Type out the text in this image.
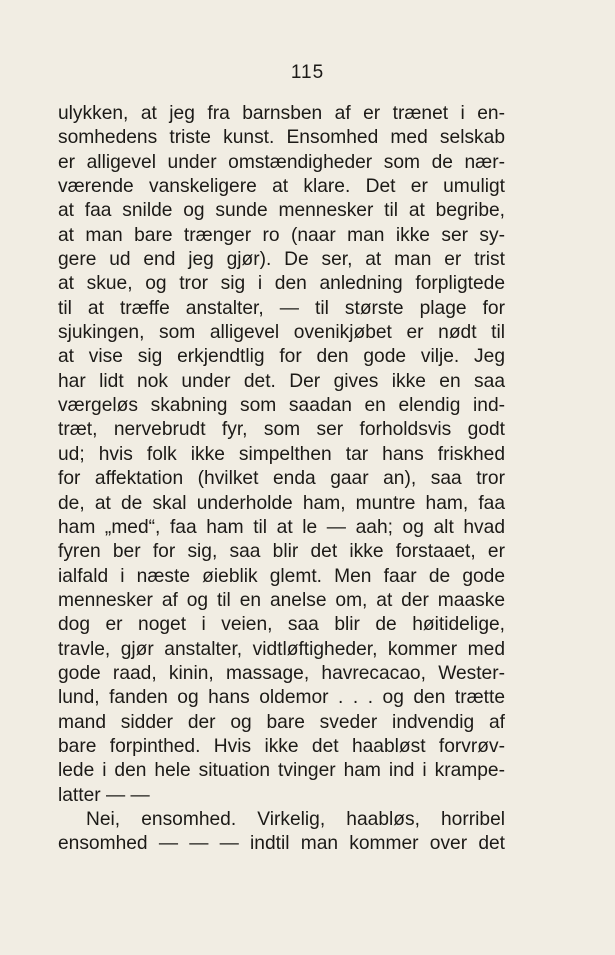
115
ulykken, at jeg fra barnsben af er trænet i en-
somhedens triste kunst. Ensomhed med selskab
er alligevel under omstændigheder som de nær-
værende vanskeligere at klare. Det er umuligt
at faa snilde og sunde mennesker til at begribe,
at man bare trænger ro (naar man ikke ser sy-
gere ud end jeg gjør). De ser, at man er trist
at skue, og tror sig i den anledning forpligtede
til at træffe anstalter, — til største plage for
sjukingen, som alligevel ovenikjøbet er nødt til
at vise sig erkjendtlig for den gode vilje. Jeg
har lidt nok under det. Der gives ikke en saa
værgeløs skabning som saadan en elendig ind-
træt, nervebrudt fyr, som ser forholdsvis godt
ud; hvis folk ikke simpelthen tar hans friskhed
for affektation (hvilket enda gaar an), saa tror
de, at de skal underholde ham, muntre ham, faa
ham „med“, faa ham til at le — aah; og alt hvad
fyren ber for sig, saa blir det ikke forstaaet, er
ialfald i næste øieblik glemt. Men faar de gode
mennesker af og til en anelse om, at der maaske
dog er noget i veien, saa blir de høitidelige,
travle, gjør anstalter, vidtløftigheder, kommer med
gode raad, kinin, massage, havrecacao, Wester-
lund, fanden og hans oldemor . . . og den trætte
mand sidder der og bare sveder indvendig af
bare forpinthed. Hvis ikke det haabløst forvrøv-
lede i den hele situation tvinger ham ind i krampe-
latter — —
Nei, ensomhed. Virkelig, haabløs, horribel
ensomhed — — — indtil man kommer over det
